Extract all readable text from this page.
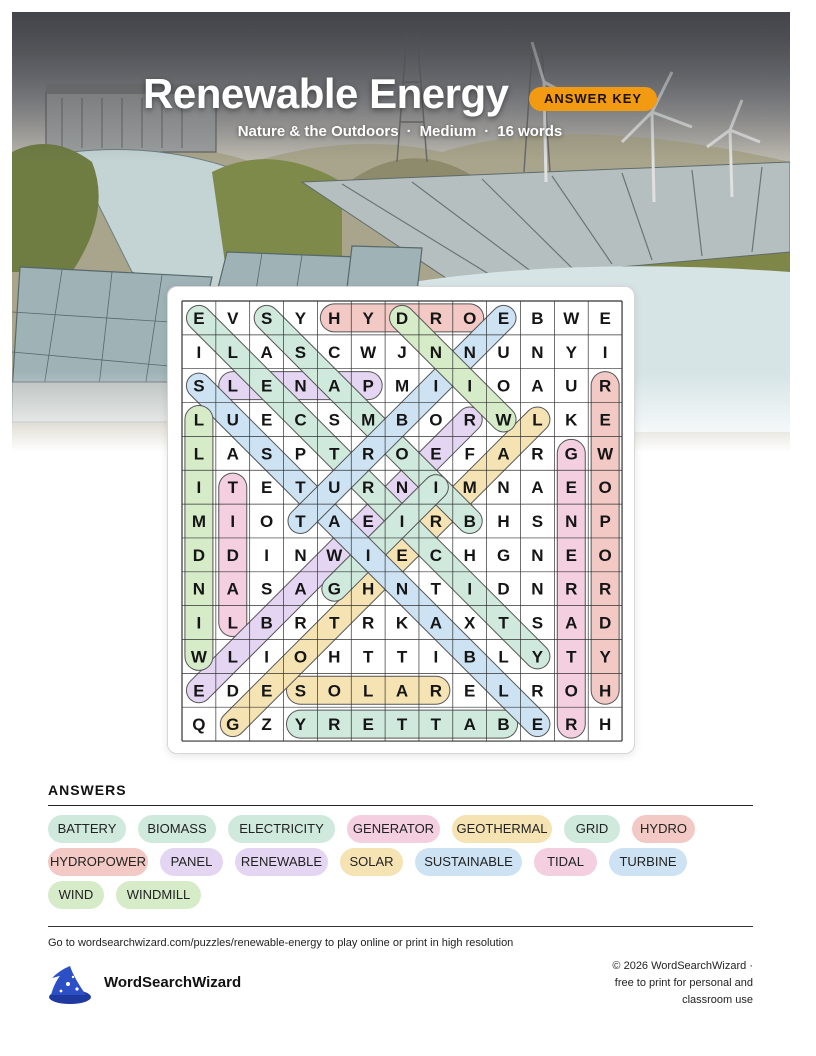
Renewable Energy	ANSWER KEY
Nature & the Outdoors · Medium · 16 words
E V S Y H Y D R O E B W E
I L A S C W J N N U N Y I
S L E N A P M I I O A U R
L U E C S M B O R W L K E
L A S P T R O E F A R G W
I T E T U R N I M N A E O
M I O T A E I R B H S N P
D D I N W I E C H G N E O
N A S A G H N T I D N R R
I L B R T R K A X T S A D
W L I O H T T I B L Y T Y
E D E S O L A R E L R O H
Q G Z Y R E T T A B E R H
ANSWERS
BATTERY	BIOMASS	ELECTRICITY	GENERATOR	GEOTHERMAL	GRID	HYDRO
HYDROPOWER	PANEL	RENEWABLE	SOLAR	SUSTAINABLE	TIDAL	TURBINE
WIND	WINDMILL
Go to wordsearchwizard.com/puzzles/renewable-energy to play online or print in high resolution
WordSearchWizard
© 2026 WordSearchWizard ·
free to print for personal and
classroom use
